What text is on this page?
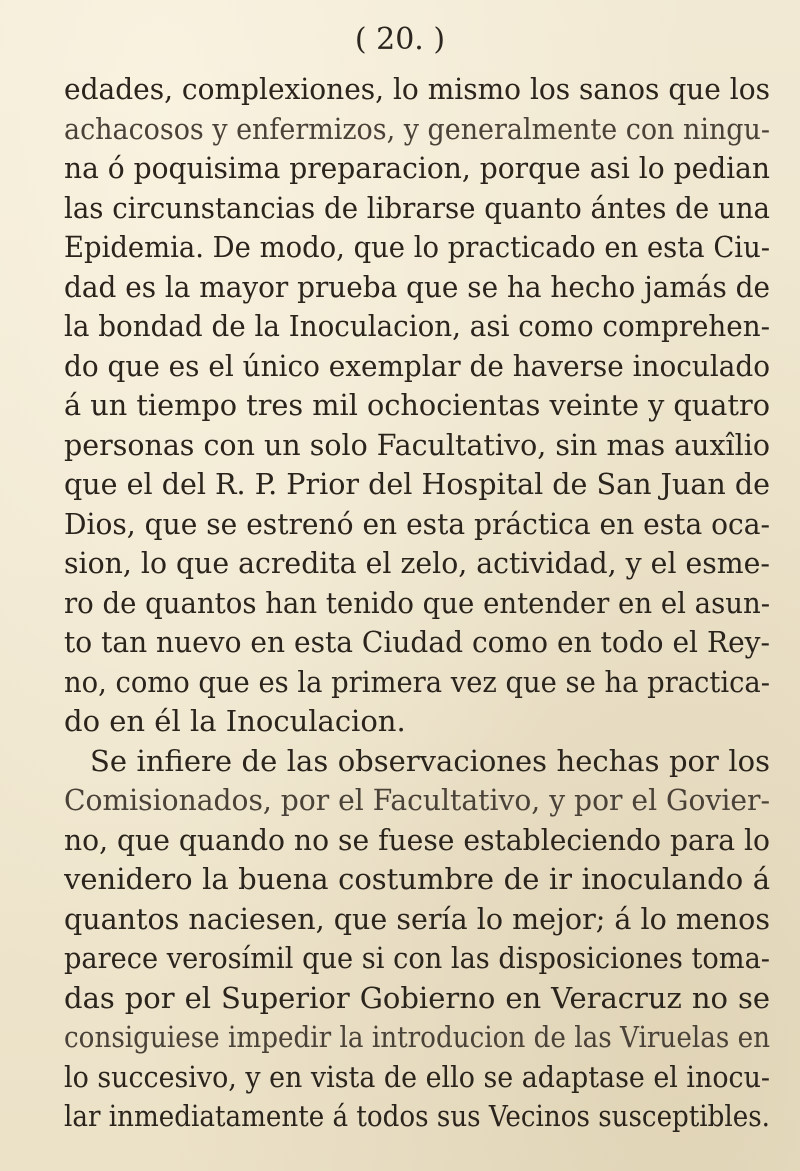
( 20. )
edades, complexiones, lo mismo los sanos que los
achacosos y enfermizos, y generalmente con ningu-
na ó poquisima preparacion, porque asi lo pedian
las circunstancias de librarse quanto ántes de una
Epidemia. De modo, que lo practicado en esta Ciu-
dad es la mayor prueba que se ha hecho jamás de
la bondad de la Inoculacion, asi como comprehen-
do que es el único exemplar de haverse inoculado
á un tiempo tres mil ochocientas veinte y quatro
personas con un solo Facultativo, sin mas auxîlio
que el del R. P. Prior del Hospital de San Juan de
Dios, que se estrenó en esta práctica en esta oca-
sion, lo que acredita el zelo, actividad, y el esme-
ro de quantos han tenido que entender en el asun-
to tan nuevo en esta Ciudad como en todo el Rey-
no, como que es la primera vez que se ha practica-
do en él la Inoculacion.
Se infiere de las observaciones hechas por los
Comisionados, por el Facultativo, y por el Govier-
no, que quando no se fuese estableciendo para lo
venidero la buena costumbre de ir inoculando á
quantos naciesen, que sería lo mejor; á lo menos
parece verosímil que si con las disposiciones toma-
das por el Superior Gobierno en Veracruz no se
consiguiese impedir la introducion de las Viruelas en
lo succesivo, y en vista de ello se adaptase el inocu-
lar inmediatamente á todos sus Vecinos susceptibles.
